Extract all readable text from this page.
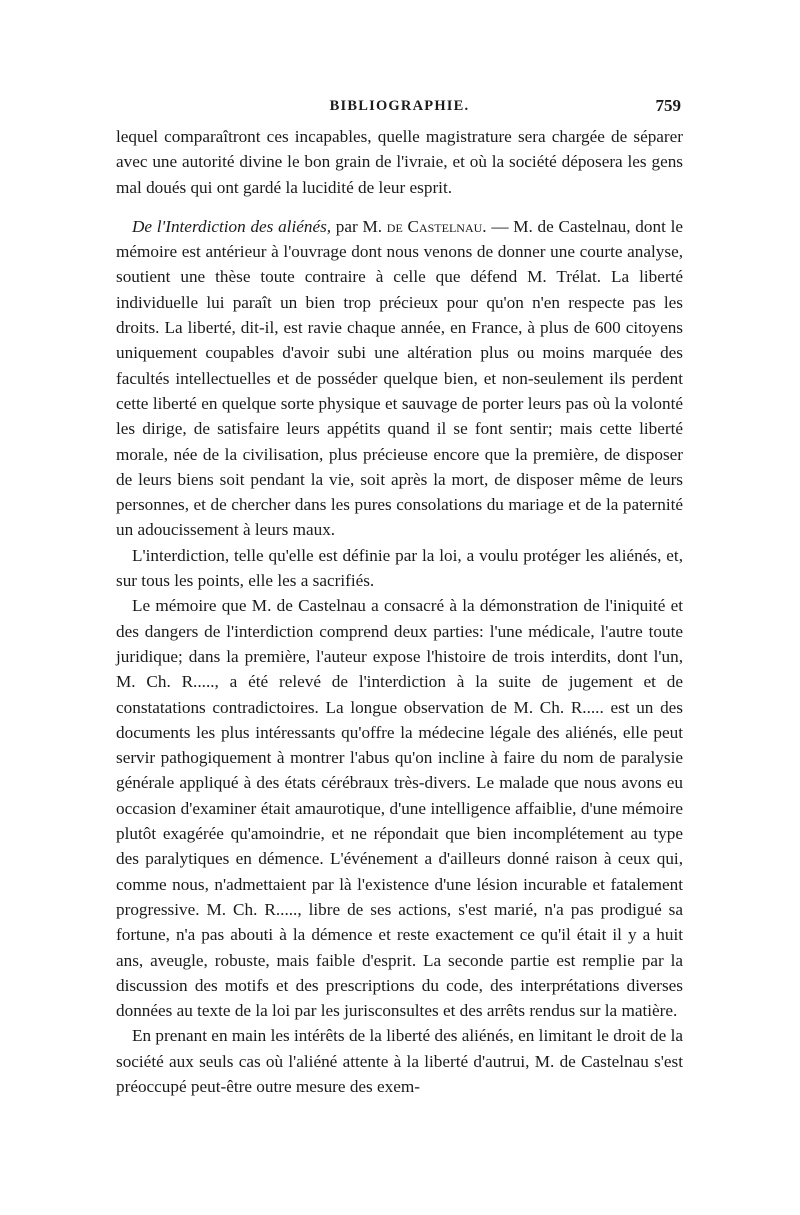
BIBLIOGRAPHIE.	759

lequel comparaîtront ces incapables, quelle magistrature sera chargée de séparer avec une autorité divine le bon grain de l'ivraie, et où la société déposera les gens mal doués qui ont gardé la lucidité de leur esprit.

De l'Interdiction des aliénés, par M. de Castelnau. — M. de Castelnau, dont le mémoire est antérieur à l'ouvrage dont nous venons de donner une courte analyse, soutient une thèse toute contraire à celle que défend M. Trélat. La liberté individuelle lui paraît un bien trop précieux pour qu'on n'en respecte pas les droits. La liberté, dit-il, est ravie chaque année, en France, à plus de 600 citoyens uniquement coupables d'avoir subi une altération plus ou moins marquée des facultés intellectuelles et de posséder quelque bien, et non-seulement ils perdent cette liberté en quelque sorte physique et sauvage de porter leurs pas où la volonté les dirige, de satisfaire leurs appétits quand il se font sentir; mais cette liberté morale, née de la civilisation, plus précieuse encore que la première, de disposer de leurs biens soit pendant la vie, soit après la mort, de disposer même de leurs personnes, et de chercher dans les pures consolations du mariage et de la paternité un adoucissement à leurs maux.

L'interdiction, telle qu'elle est définie par la loi, a voulu protéger les aliénés, et, sur tous les points, elle les a sacrifiés.

Le mémoire que M. de Castelnau a consacré à la démonstration de l'iniquité et des dangers de l'interdiction comprend deux parties: l'une médicale, l'autre toute juridique; dans la première, l'auteur expose l'histoire de trois interdits, dont l'un, M. Ch. R....., a été relevé de l'interdiction à la suite de jugement et de constatations contradictoires. La longue observation de M. Ch. R..... est un des documents les plus intéressants qu'offre la médecine légale des aliénés, elle peut servir pathogiquement à montrer l'abus qu'on incline à faire du nom de paralysie générale appliqué à des états cérébraux très-divers. Le malade que nous avons eu occasion d'examiner était amaurotique, d'une intelligence affaiblie, d'une mémoire plutôt exagérée qu'amoindrie, et ne répondait que bien incomplétement au type des paralytiques en démence. L'événement a d'ailleurs donné raison à ceux qui, comme nous, n'admettaient par là l'existence d'une lésion incurable et fatalement progressive. M. Ch. R....., libre de ses actions, s'est marié, n'a pas prodigué sa fortune, n'a pas abouti à la démence et reste exactement ce qu'il était il y a huit ans, aveugle, robuste, mais faible d'esprit. La seconde partie est remplie par la discussion des motifs et des prescriptions du code, des interprétations diverses données au texte de la loi par les jurisconsultes et des arrêts rendus sur la matière.

En prenant en main les intérêts de la liberté des aliénés, en limitant le droit de la société aux seuls cas où l'aliéné attente à la liberté d'autrui, M. de Castelnau s'est préoccupé peut-être outre mesure des exem-
